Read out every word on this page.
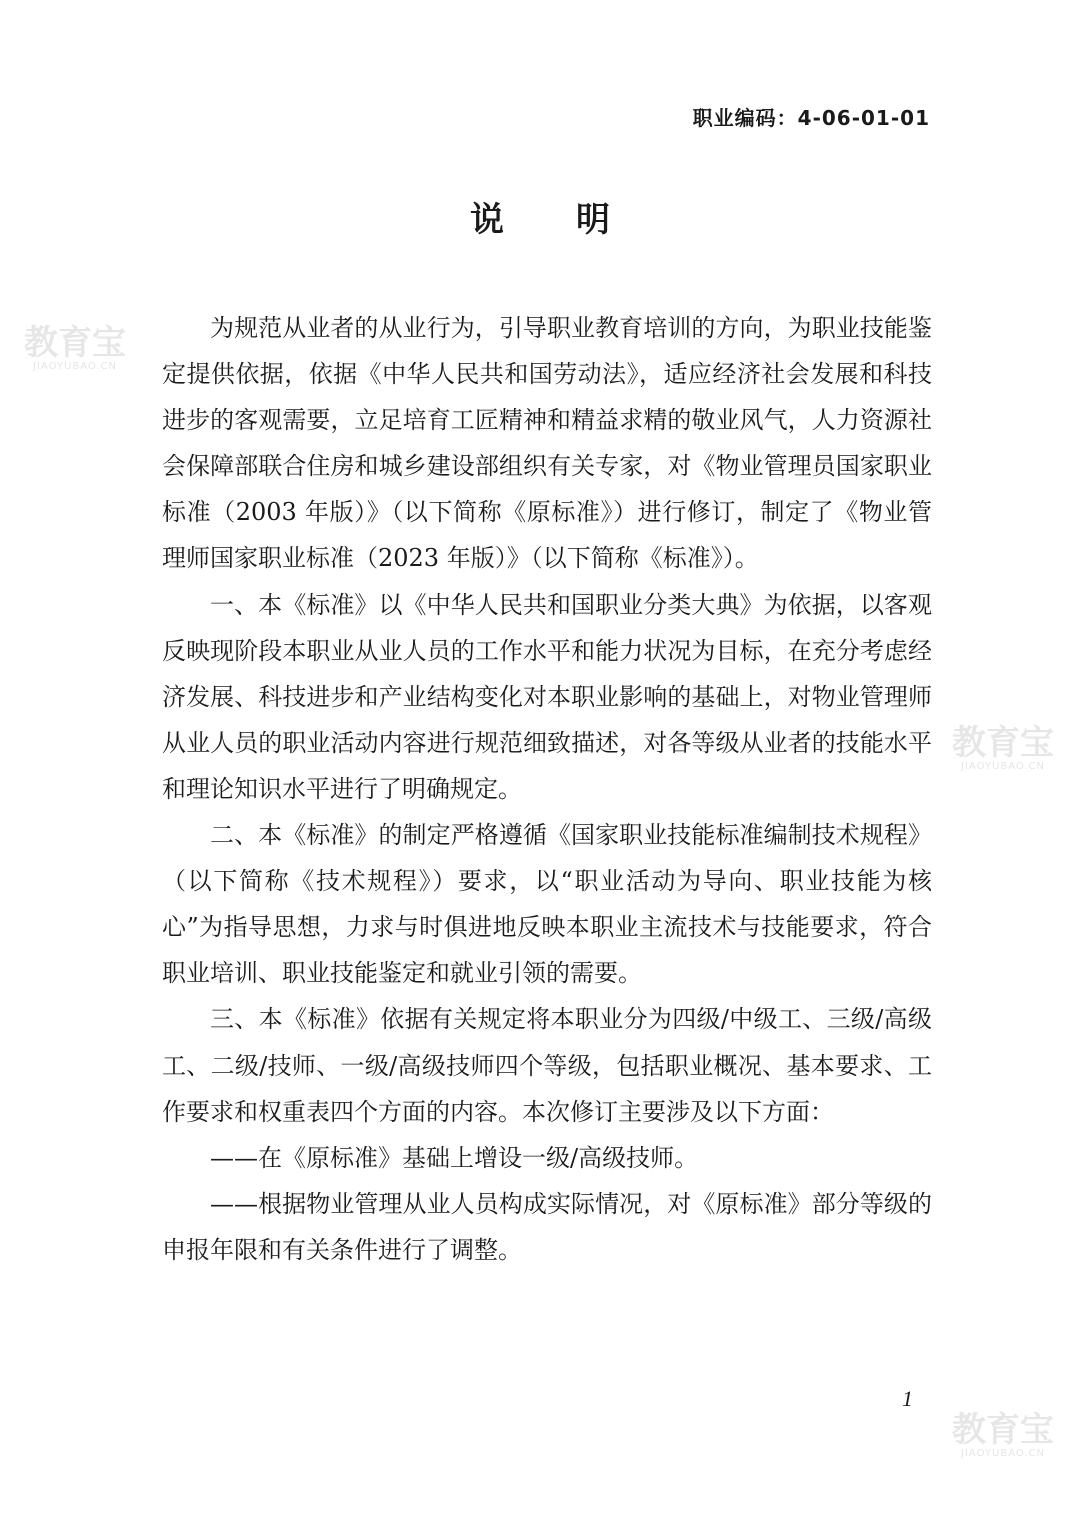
职业编码：4-06-01-01
说明

为规范从业者的从业行为，引导职业教育培训的方向，为职业技能鉴定提供依据，依据《中华人民共和国劳动法》，适应经济社会发展和科技进步的客观需要，立足培育工匠精神和精益求精的敬业风气，人力资源社会保障部联合住房和城乡建设部组织有关专家，对《物业管理员国家职业标准（2003 年版）》（以下简称《原标准》）进行修订，制定了《物业管理师国家职业标准（2023 年版）》（以下简称《标准》）。

一、本《标准》以《中华人民共和国职业分类大典》为依据，以客观反映现阶段本职业从业人员的工作水平和能力状况为目标，在充分考虑经济发展、科技进步和产业结构变化对本职业影响的基础上，对物业管理师从业人员的职业活动内容进行规范细致描述，对各等级从业者的技能水平和理论知识水平进行了明确规定。

二、本《标准》的制定严格遵循《国家职业技能标准编制技术规程》（以下简称《技术规程》）要求，以“职业活动为导向、职业技能为核心”为指导思想，力求与时俱进地反映本职业主流技术与技能要求，符合职业培训、职业技能鉴定和就业引领的需要。

三、本《标准》依据有关规定将本职业分为四级/中级工、三级/高级工、二级/技师、一级/高级技师四个等级，包括职业概况、基本要求、工作要求和权重表四个方面的内容。本次修订主要涉及以下方面：

——在《原标准》基础上增设一级/高级技师。

——根据物业管理从业人员构成实际情况，对《原标准》部分等级的申报年限和有关条件进行了调整。

1
教育宝
JIAOYUBAO.CN
教育宝
JIAOYUBAO.CN
教育宝
JIAOYUBAO.CN
